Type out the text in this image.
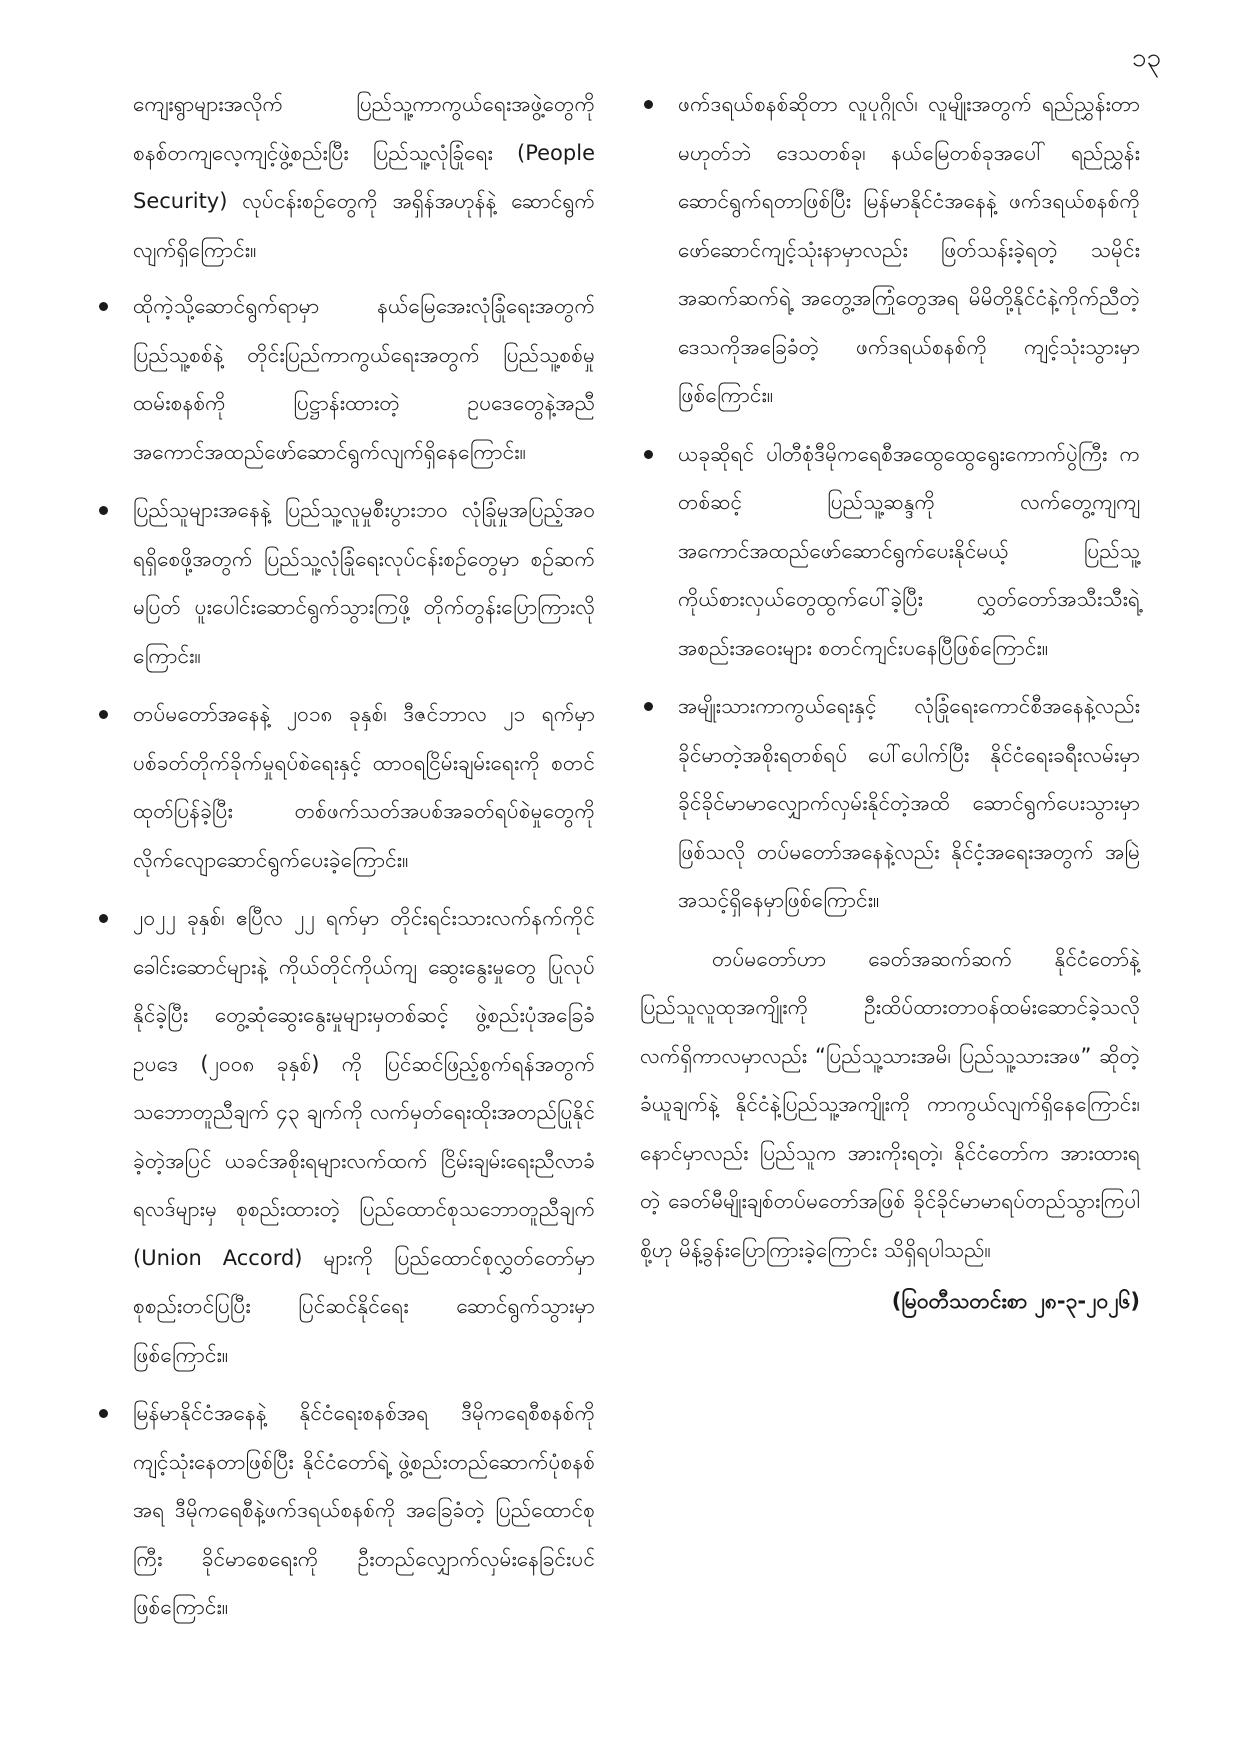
၁၃

ကျေးရွာများအလိုက် ပြည်သူ့ကာကွယ်ရေးအဖွဲ့တွေကို စနစ်တကျလေ့ကျင့်ဖွဲ့စည်းပြီး ပြည်သူ့လုံခြုံရေး (People Security) လုပ်ငန်းစဉ်တွေကို အရှိန်အဟုန်နဲ့ ဆောင်ရွက်လျက်ရှိကြောင်း။

ထိုကဲ့သို့ဆောင်ရွက်ရာမှာ နယ်မြေအေးလုံခြုံရေးအတွက် ပြည်သူ့စစ်နဲ့ တိုင်းပြည်ကာကွယ်ရေးအတွက် ပြည်သူ့စစ်မှုထမ်းစနစ်ကို ပြဋ္ဌာန်းထားတဲ့ ဥပဒေတွေနဲ့အညီ အကောင်အထည်ဖော်ဆောင်ရွက်လျက်ရှိနေကြောင်း။
ပြည်သူများအနေနဲ့ ပြည်သူ့လူမှုစီးပွားဘဝ လုံခြုံမှုအပြည့်အဝရရှိစေဖို့အတွက် ပြည်သူ့လုံခြုံရေးလုပ်ငန်းစဉ်တွေမှာ စဉ်ဆက်မပြတ် ပူးပေါင်းဆောင်ရွက်သွားကြဖို့ တိုက်တွန်းပြောကြားလိုကြောင်း။
တပ်မတော်အနေနဲ့ ၂၀၁၈ ခုနှစ်၊ ဒီဇင်ဘာလ ၂၁ ရက်မှာ ပစ်ခတ်တိုက်ခိုက်မှုရပ်စဲရေးနှင့် ထာဝရငြိမ်းချမ်းရေးကို စတင်ထုတ်ပြန်ခဲ့ပြီး တစ်ဖက်သတ်အပစ်အခတ်ရပ်စဲမှုတွေကို လိုက်လျောဆောင်ရွက်ပေးခဲ့ကြောင်း။
၂၀၂၂ ခုနှစ်၊ ဧပြီလ ၂၂ ရက်မှာ တိုင်းရင်းသားလက်နက်ကိုင်ခေါင်းဆောင်များနဲ့ ကိုယ်တိုင်ကိုယ်ကျ ဆွေးနွေးမှုတွေ ပြုလုပ်နိုင်ခဲ့ပြီး တွေ့ဆုံဆွေးနွေးမှုများမှတစ်ဆင့် ဖွဲ့စည်းပုံအခြေခံဥပဒေ (၂၀၀၈ ခုနှစ်) ကို ပြင်ဆင်ဖြည့်စွက်ရန်အတွက် သဘောတူညီချက် ၄၃ ချက်ကို လက်မှတ်ရေးထိုးအတည်ပြုနိုင်ခဲ့တဲ့အပြင် ယခင်အစိုးရများလက်ထက် ငြိမ်းချမ်းရေးညီလာခံရလဒ်များမှ စုစည်းထားတဲ့ ပြည်ထောင်စုသဘောတူညီချက် (Union Accord) များကို ပြည်ထောင်စုလွှတ်တော်မှာ စုစည်းတင်ပြပြီး ပြင်ဆင်နိုင်ရေး ဆောင်ရွက်သွားမှာဖြစ်ကြောင်း။
မြန်မာနိုင်ငံအနေနဲ့ နိုင်ငံရေးစနစ်အရ ဒီမိုကရေစီစနစ်ကို ကျင့်သုံးနေတာဖြစ်ပြီး နိုင်ငံတော်ရဲ့ ဖွဲ့စည်းတည်ဆောက်ပုံစနစ်အရ ဒီမိုကရေစီနဲ့ဖက်ဒရယ်စနစ်ကို အခြေခံတဲ့ ပြည်ထောင်စုကြီး ခိုင်မာစေရေးကို ဦးတည်လျှောက်လှမ်းနေခြင်းပင်ဖြစ်ကြောင်း။
ဖက်ဒရယ်စနစ်ဆိုတာ လူပုဂ္ဂိုလ်၊ လူမျိုးအတွက် ရည်ညွှန်းတာမဟုတ်ဘဲ ဒေသတစ်ခု၊ နယ်မြေတစ်ခုအပေါ် ရည်ညွှန်းဆောင်ရွက်ရတာဖြစ်ပြီး မြန်မာနိုင်ငံအနေနဲ့ ဖက်ဒရယ်စနစ်ကို ဖော်ဆောင်ကျင့်သုံးနာမှာလည်း ဖြတ်သန်းခဲ့ရတဲ့ သမိုင်းအဆက်ဆက်ရဲ့ အတွေ့အကြုံတွေအရ မိမိတို့နိုင်ငံနဲ့ကိုက်ညီတဲ့ ဒေသကိုအခြေခံတဲ့ ဖက်ဒရယ်စနစ်ကို ကျင့်သုံးသွားမှာဖြစ်ကြောင်း။
ယခုဆိုရင် ပါတီစုံဒီမိုကရေစီအထွေထွေရွေးကောက်ပွဲကြီး ကတစ်ဆင့် ပြည်သူ့ဆန္ဒကို လက်တွေ့ကျကျ အကောင်အထည်ဖော်ဆောင်ရွက်ပေးနိုင်မယ့် ပြည်သူ့ကိုယ်စားလှယ်တွေထွက်ပေါ်ခဲ့ပြီး လွှတ်တော်အသီးသီးရဲ့ အစည်းအဝေးများ စတင်ကျင်းပနေပြီဖြစ်ကြောင်း။
အမျိုးသားကာကွယ်ရေးနှင့် လုံခြုံရေးကောင်စီအနေနဲ့လည်း ခိုင်မာတဲ့အစိုးရတစ်ရပ် ပေါ်ပေါက်ပြီး နိုင်ငံရေးခရီးလမ်းမှာ ခိုင်ခိုင်မာမာလျှောက်လှမ်းနိုင်တဲ့အထိ ဆောင်ရွက်ပေးသွားမှာဖြစ်သလို တပ်မတော်အနေနဲ့လည်း နိုင်ငံ့အရေးအတွက် အမြဲအသင့်ရှိနေမှာဖြစ်ကြောင်း။

တပ်မတော်ဟာ ခေတ်အဆက်ဆက် နိုင်ငံတော်နဲ့ ပြည်သူလူထုအကျိုးကို ဦးထိပ်ထားတာဝန်ထမ်းဆောင်ခဲ့သလို လက်ရှိကာလမှာလည်း “ပြည်သူ့သားအမိ၊ ပြည်သူ့သားအဖ” ဆိုတဲ့ခံယူချက်နဲ့ နိုင်ငံနဲ့ပြည်သူ့အကျိုးကို ကာကွယ်လျက်ရှိနေကြောင်း၊ နောင်မှာလည်း ပြည်သူက အားကိုးရတဲ့၊ နိုင်ငံတော်က အားထားရတဲ့ ခေတ်မီမျိုးချစ်တပ်မတော်အဖြစ် ခိုင်ခိုင်မာမာရပ်တည်သွားကြပါစို့ဟု မိန့်ခွန်းပြောကြားခဲ့ကြောင်း သိရှိရပါသည်။

(မြဝတီသတင်းစာ ၂၈-၃-၂၀၂၆)
